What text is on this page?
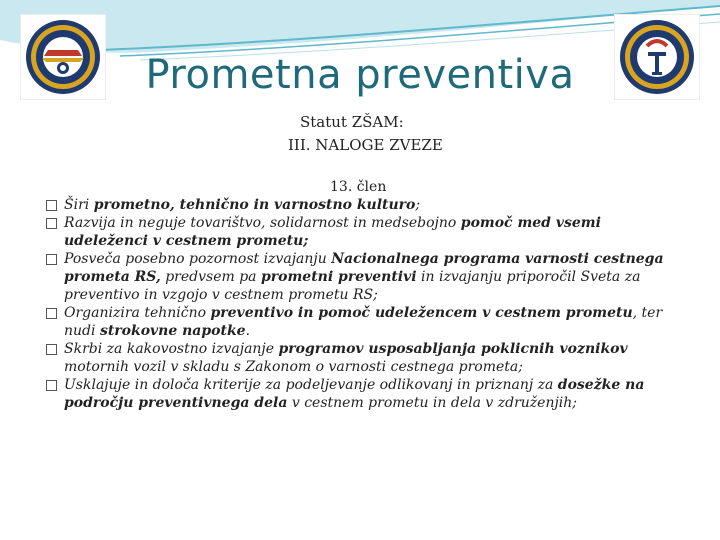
Prometna preventiva
Statut ZŠAM:
III. NALOGE ZVEZE
13. člen
Širi prometno, tehnično in varnostno kulturo;
Razvija in neguje tovarištvo, solidarnost in medsebojno pomoč med vsemi udeleženci v cestnem prometu;
Posveča posebno pozornost izvajanju Nacionalnega programa varnosti cestnega prometa RS, predvsem pa prometni preventivi in izvajanju priporočil Sveta za preventivo in vzgojo v cestnem prometu RS;
Organizira tehnično preventivo in pomoč udeležencem v cestnem prometu, ter nudi strokovne napotke.
Skrbi za kakovostno izvajanje programov usposabljanja poklicnih voznikov motornih vozil v skladu s Zakonom o varnosti cestnega prometa;
Usklajuje in določa kriterije za podeljevanje odlikovanj in priznanj za dosežke na področju preventivnega dela v cestnem prometu in dela v združenjih;
